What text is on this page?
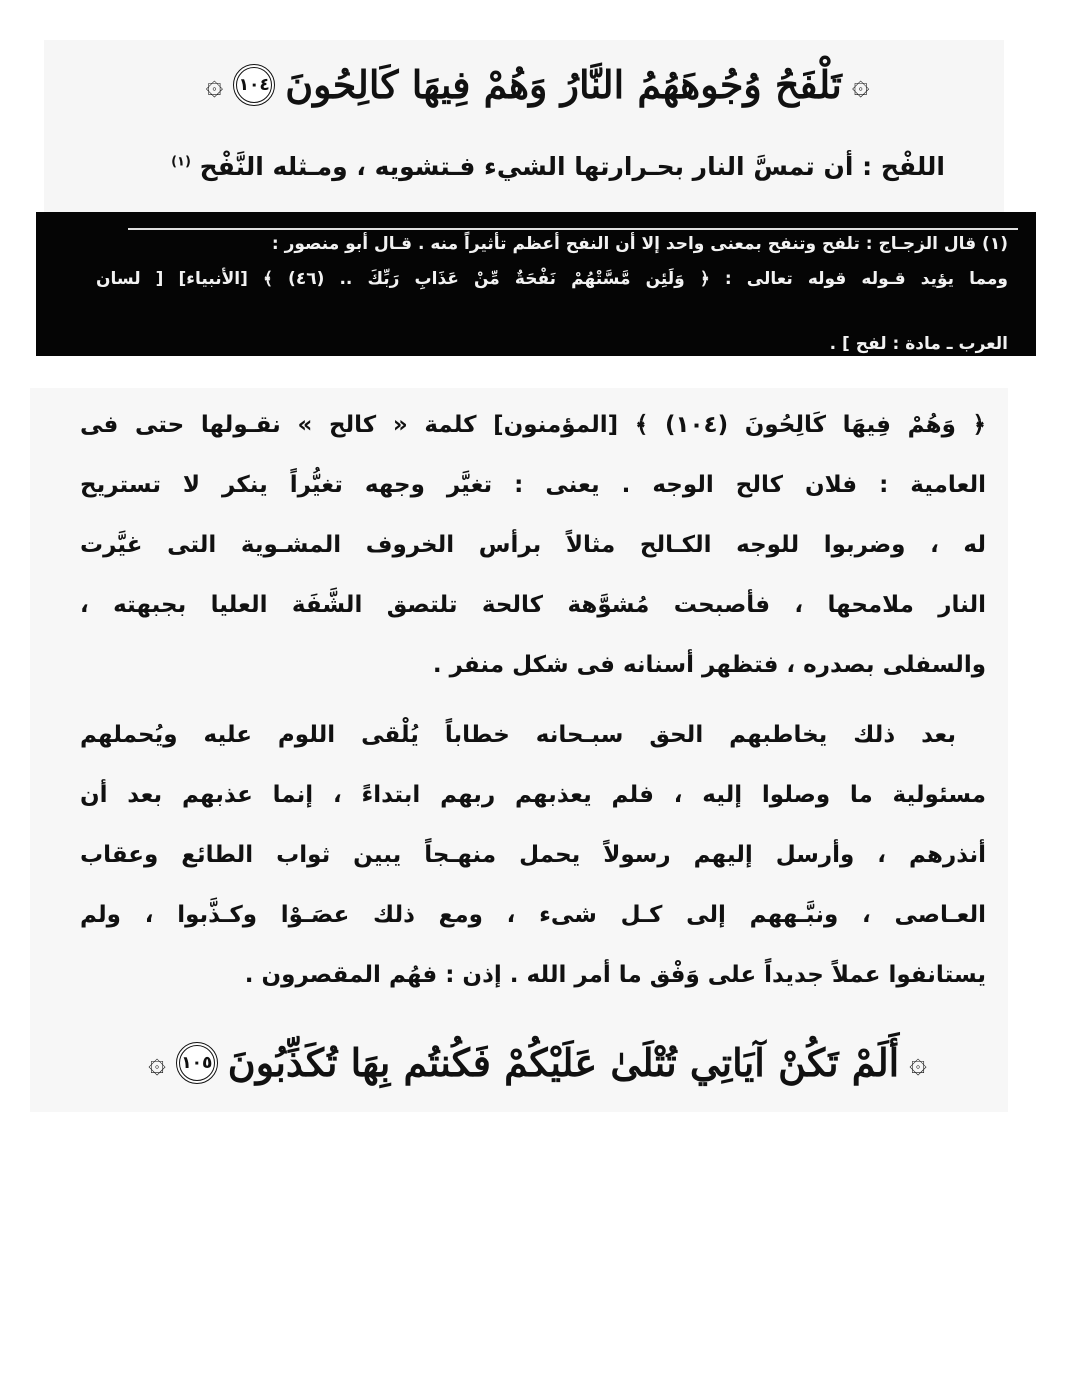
۞
تَلْفَحُ وُجُوهَهُمُ النَّارُ وَهُمْ فِيهَا كَالِحُونَ
١٠٤
۞
اللفْح : أن تمسَّ النار بحـرارتها الشيء فـتشويه ، ومـثله النَّفْح $^{(١)}$
(١) قال الزجـاج : تلفح وتنفح بمعنى واحد إلا أن النفح أعظم تأثيراً منه . قـال أبو منصور :
ومما يؤيد قـوله قوله تعالى : ﴿ وَلَئِن مَّسَّتْهُمْ نَفْحَةٌ مِّنْ عَذَابِ رَبِّكَ .. (٤٦) ﴾ [الأنبياء] [ لسان
العرب ـ مادة : لفح ] .
﴿ وَهُمْ فِيهَا كَالِحُونَ (١٠٤) ﴾ [المؤمنون] كلمة « كالح » نقـولها حتى فى
العامية : فلان كالح الوجه . يعنى : تغيَّر وجهه تغيُّراً ينكر لا تستريح
له ، وضربوا للوجه الكـالح مثالاً برأس الخروف المشـوية التى غيَّرت
النار ملامحها ، فأصبحت مُشوَّهة كالحة تلتصق الشَّفَة العليا بجبهته ،
والسفلى بصدره ، فتظهر أسنانه فى شكل منفر .
بعد ذلك يخاطبهم الحق سبـحانه خطاباً يُلْقى اللوم عليه ويُحملهم
مسئولية ما وصلوا إليه ، فلم يعذبهم ربهم ابتداءً ، إنما عذبهم بعد أن
أنذرهم ، وأرسل إليهم رسولاً يحمل منهـجاً يبين ثواب الطائع وعقاب
العـاصى ، ونبَّـههم إلى كـل شىء ، ومع ذلك عصَـوْا وكـذَّبوا ، ولم
يستانفوا عملاً جديداً على وَفْق ما أمر الله . إذن : فهُم المقصرون .
۞
أَلَمْ تَكُنْ آيَاتِي تُتْلَىٰ عَلَيْكُمْ فَكُنتُم بِهَا تُكَذِّبُونَ
١٠٥
۞
